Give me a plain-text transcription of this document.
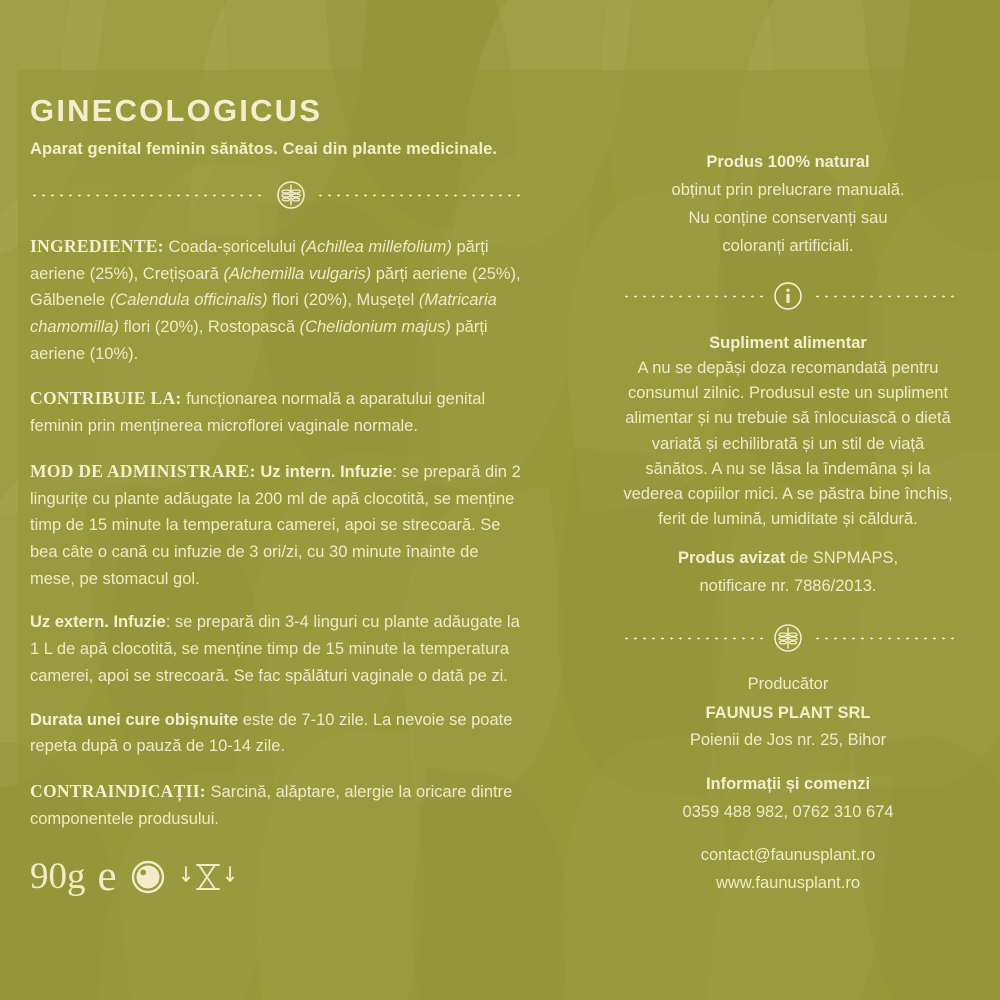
GINECOLOGICUS

Aparat genital feminin sănătos. Ceai din plante medicinale.

INGREDIENTE: Coada-șoricelului (Achillea millefolium) părți aeriene (25%), Crețișoară (Alchemilla vulgaris) părți aeriene (25%), Gălbenele (Calendula officinalis) flori (20%), Mușețel (Matricaria chamomilla) flori (20%), Rostopască (Chelidonium majus) părți aeriene (10%).

CONTRIBUIE LA: funcționarea normală a aparatului genital feminin prin menținerea microflorei vaginale normale.

MOD DE ADMINISTRARE: Uz intern. Infuzie: se prepară din 2 lingurițe cu plante adăugate la 200 ml de apă clocotită, se menține timp de 15 minute la temperatura camerei, apoi se strecoară. Se bea câte o cană cu infuzie de 3 ori/zi, cu 30 minute înainte de mese, pe stomacul gol.

Uz extern. Infuzie: se prepară din 3-4 linguri cu plante adăugate la 1 L de apă clocotită, se menține timp de 15 minute la temperatura camerei, apoi se strecoară. Se fac spălături vaginale o dată pe zi.

Durata unei cure obișnuite este de 7-10 zile. La nevoie se poate repeta după o pauză de 10-14 zile.

CONTRAINDICAȚII: Sarcină, alăptare, alergie la oricare dintre componentele produsului.

90g e
Produs 100% natural
obținut prin prelucrare manuală.
Nu conține conservanți sau
coloranți artificiali.
Supliment alimentar

A nu se depăși doza recomandată pentru consumul zilnic. Produsul este un supliment alimentar și nu trebuie să înlocuiască o dietă variată și echilibrată și un stil de viață sănătos. A nu se lăsa la îndemâna și la vederea copiilor mici. A se păstra bine închis, ferit de lumină, umiditate și căldură.

Produs avizat de SNPMAPS,
notificare nr. 7886/2013.
Producător
FAUNUS PLANT SRL
Poienii de Jos nr. 25, Bihor
Informații și comenzi
0359 488 982, 0762 310 674
contact@faunusplant.ro
www.faunusplant.ro
